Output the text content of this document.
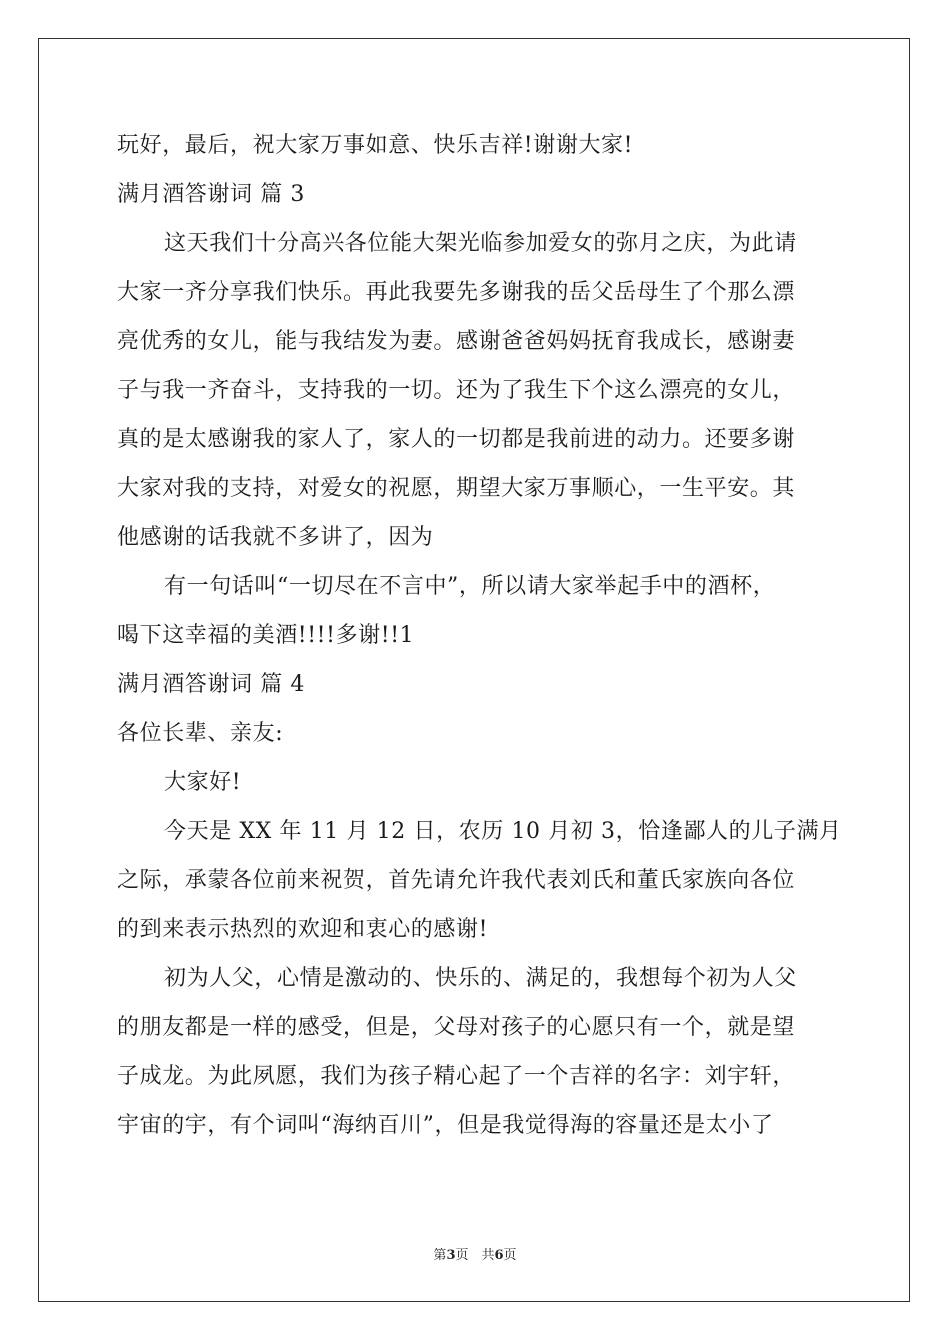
玩好，最后，祝大家万事如意、快乐吉祥!谢谢大家!
满月酒答谢词 篇 3
这天我们十分高兴各位能大架光临参加爱女的弥月之庆，为此请
大家一齐分享我们快乐。再此我要先多谢我的岳父岳母生了个那么漂
亮优秀的女儿，能与我结发为妻。感谢爸爸妈妈抚育我成长，感谢妻
子与我一齐奋斗，支持我的一切。还为了我生下个这么漂亮的女儿，
真的是太感谢我的家人了，家人的一切都是我前进的动力。还要多谢
大家对我的支持，对爱女的祝愿，期望大家万事顺心，一生平安。其
他感谢的话我就不多讲了，因为
有一句话叫“一切尽在不言中”，所以请大家举起手中的酒杯，
喝下这幸福的美酒!!!!多谢!!1
满月酒答谢词 篇 4
各位长辈、亲友:
大家好!
今天是 XX 年 11 月 12 日，农历 10 月初 3，恰逢鄙人的儿子满月
之际，承蒙各位前来祝贺，首先请允许我代表刘氏和董氏家族向各位
的到来表示热烈的欢迎和衷心的感谢!
初为人父，心情是激动的、快乐的、满足的，我想每个初为人父
的朋友都是一样的感受，但是，父母对孩子的心愿只有一个，就是望
子成龙。为此夙愿，我们为孩子精心起了一个吉祥的名字：刘宇轩，
宇宙的宇，有个词叫“海纳百川”，但是我觉得海的容量还是太小了
第3页　共6页
